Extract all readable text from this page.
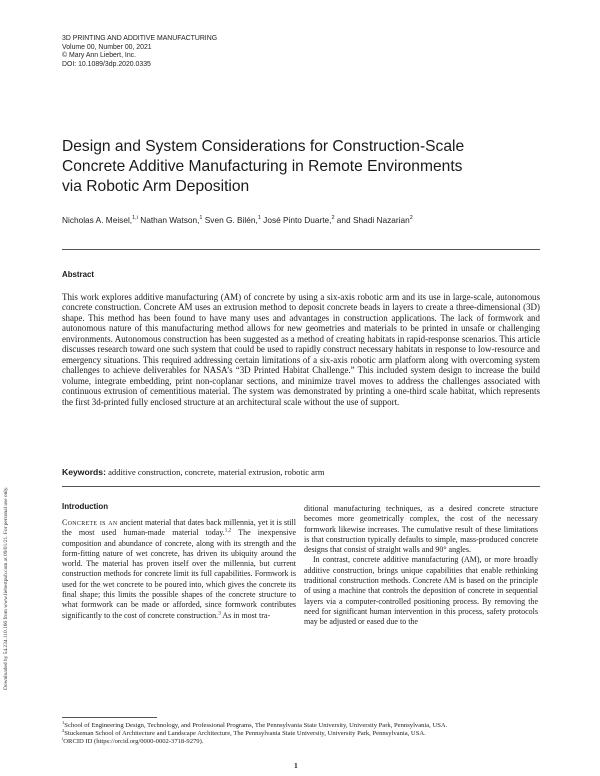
3D PRINTING AND ADDITIVE MANUFACTURING
Volume 00, Number 00, 2021
© Mary Ann Liebert, Inc.
DOI: 10.1089/3dp.2020.0335
Downloaded by 54.234.110.166 from www.liebertpub.com at 09/01/21. For personal use only.
Design and System Considerations for Construction-Scale
Concrete Additive Manufacturing in Remote Environments
via Robotic Arm Deposition
Nicholas A. Meisel,$^{1,i}$ Nathan Watson,$^1$ Sven G. Bilén,$^1$ José Pinto Duarte,$^2$ and Shadi Nazarian$^2$
Abstract
This work explores additive manufacturing (AM) of concrete by using a six-axis robotic arm and its use in large-scale, autonomous concrete construction. Concrete AM uses an extrusion method to deposit concrete beads in layers to create a three-dimensional (3D) shape. This method has been found to have many uses and advantages in construction applications. The lack of formwork and autonomous nature of this manufacturing method allows for new geometries and materials to be printed in unsafe or challenging environments. Autonomous construction has been suggested as a method of creating habitats in rapid-response scenarios. This article discusses research toward one such system that could be used to rapidly construct necessary habitats in response to low-resource and emergency situations. This required addressing certain limitations of a six-axis robotic arm platform along with overcoming system challenges to achieve deliverables for NASA’s “3D Printed Habitat Challenge.” This included system design to increase the build volume, integrate embedding, print non-coplanar sections, and minimize travel moves to address the challenges associated with continuous extrusion of cementitious material. The system was demonstrated by printing a one-third scale habitat, which represents the first 3d-printed fully enclosed structure at an architectural scale without the use of support.
Keywords: additive construction, concrete, material extrusion, robotic arm
Introduction

Concrete is an ancient material that dates back millennia, yet it is still the most used human-made material today.$^{1,2}$ The inexpensive composition and abundance of concrete, along with its strength and the form-fitting nature of wet concrete, has driven its ubiquity around the world. The material has proven itself over the millennia, but current construction methods for concrete limit its full capabilities. Formwork is used for the wet concrete to be poured into, which gives the concrete its final shape; this limits the possible shapes of the concrete structure to what formwork can be made or afforded, since formwork contributes significantly to the cost of concrete construction.$^3$ As in most tra-

ditional manufacturing techniques, as a desired concrete structure becomes more geometrically complex, the cost of the necessary formwork likewise increases. The cumulative result of these limitations is that construction typically defaults to simple, mass-produced concrete designs that consist of straight walls and 90° angles.

In contrast, concrete additive manufacturing (AM), or more broadly additive construction, brings unique capabilities that enable rethinking traditional construction methods. Concrete AM is based on the principle of using a machine that controls the deposition of concrete in sequential layers via a computer-controlled positioning process. By removing the need for significant human intervention in this process, safety protocols may be adjusted or eased due to the

$^1$School of Engineering Design, Technology, and Professional Programs, The Pennsylvania State University, University Park, Pennsylvania, USA.

$^2$Stuckeman School of Architecture and Landscape Architecture, The Pennsylvania State University, University Park, Pennsylvania, USA.

$^i$ORCID ID (https://orcid.org/0000-0002-3718-9279).

1
